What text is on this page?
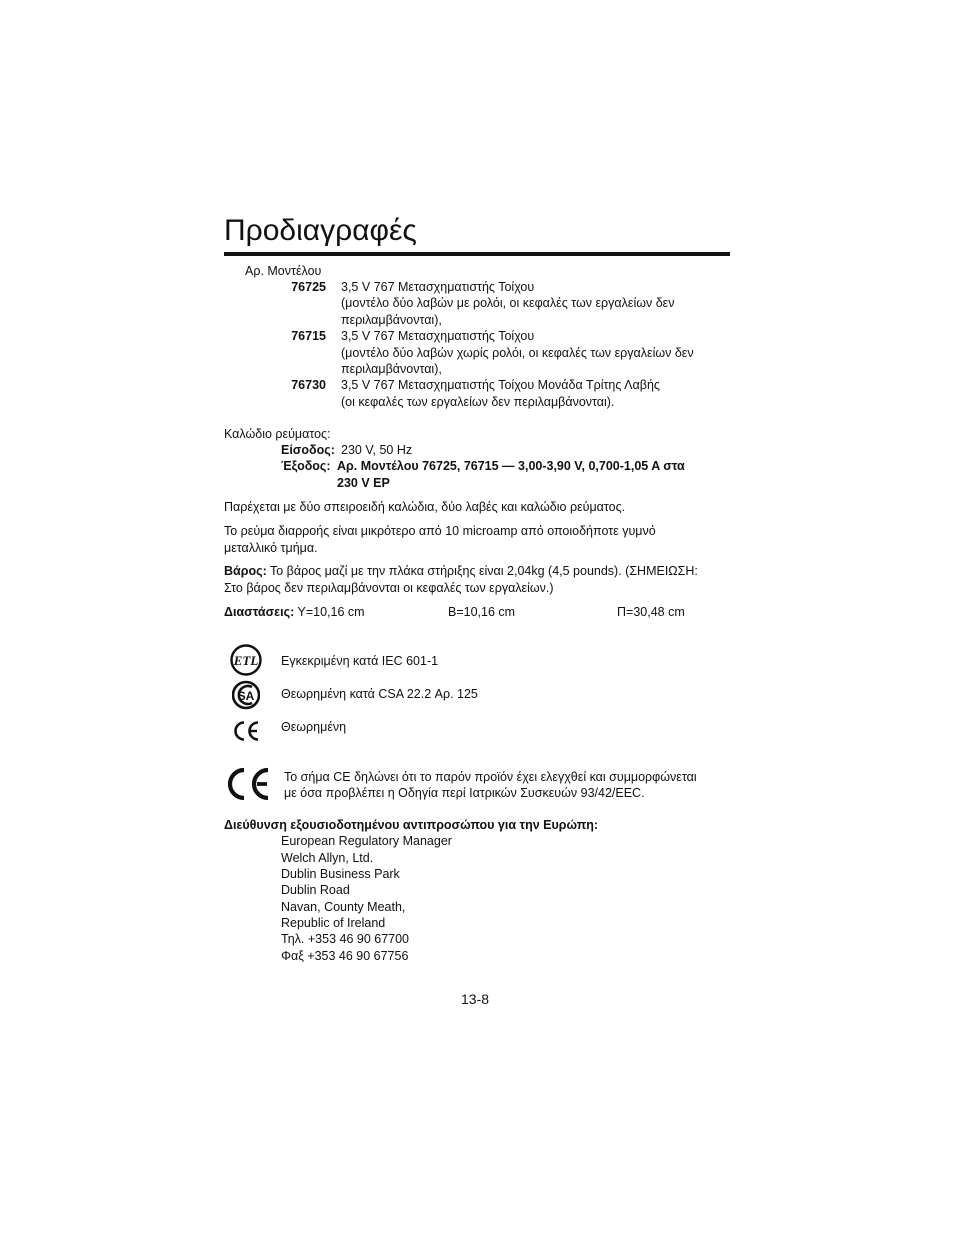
Προδιαγραφές
Αρ. Μοντέλου
76725 3,5 V 767 Μετασχηματιστής Τοίχου
(μοντέλο δύο λαβών με ρολόι, οι κεφαλές των εργαλείων δεν
περιλαμβάνονται),
76715 3,5 V 767 Μετασχηματιστής Τοίχου
(μοντέλο δύο λαβών χωρίς ρολόι, οι κεφαλές των εργαλείων δεν
περιλαμβάνονται),
76730 3,5 V 767 Μετασχηματιστής Τοίχου Μονάδα Τρίτης Λαβής
(οι κεφαλές των εργαλείων δεν περιλαμβάνονται).
Καλώδιο ρεύματος:
Είσοδος: 230 V, 50 Hz
Έξοδος: Αρ. Μοντέλου 76725, 76715 — 3,00-3,90 V, 0,700-1,05 A στα
230 V EP
Παρέχεται με δύο σπειροειδή καλώδια, δύο λαβές και καλώδιο ρεύματος.
Το ρεύμα διαρροής είναι μικρότερο από 10 microamp από οποιοδήποτε γυμνό
μεταλλικό τμήμα.
Βάρος: Το βάρος μαζί με την πλάκα στήριξης είναι 2,04kg (4,5 pounds). (ΣΗΜΕΙΩΣΗ:
Στο βάρος δεν περιλαμβάνονται οι κεφαλές των εργαλείων.)
Διαστάσεις: Υ=10,16 cm	Β=10,16 cm	Π=30,48 cm
ETL Εγκεκριμένη κατά IEC 601-1
SA Θεωρημένη κατά CSA 22.2 Αρ. 125
Θεωρημένη
Το σήμα CE δηλώνει ότι το παρόν προϊόν έχει ελεγχθεί και συμμορφώνεται
με όσα προβλέπει η Οδηγία περί Ιατρικών Συσκευών 93/42/EEC.
Διεύθυνση εξουσιοδοτημένου αντιπροσώπου για την Ευρώπη:
European Regulatory Manager
Welch Allyn, Ltd.
Dublin Business Park
Dublin Road
Navan, County Meath,
Republic of Ireland
Τηλ. +353 46 90 67700
Φαξ +353 46 90 67756
13-8
